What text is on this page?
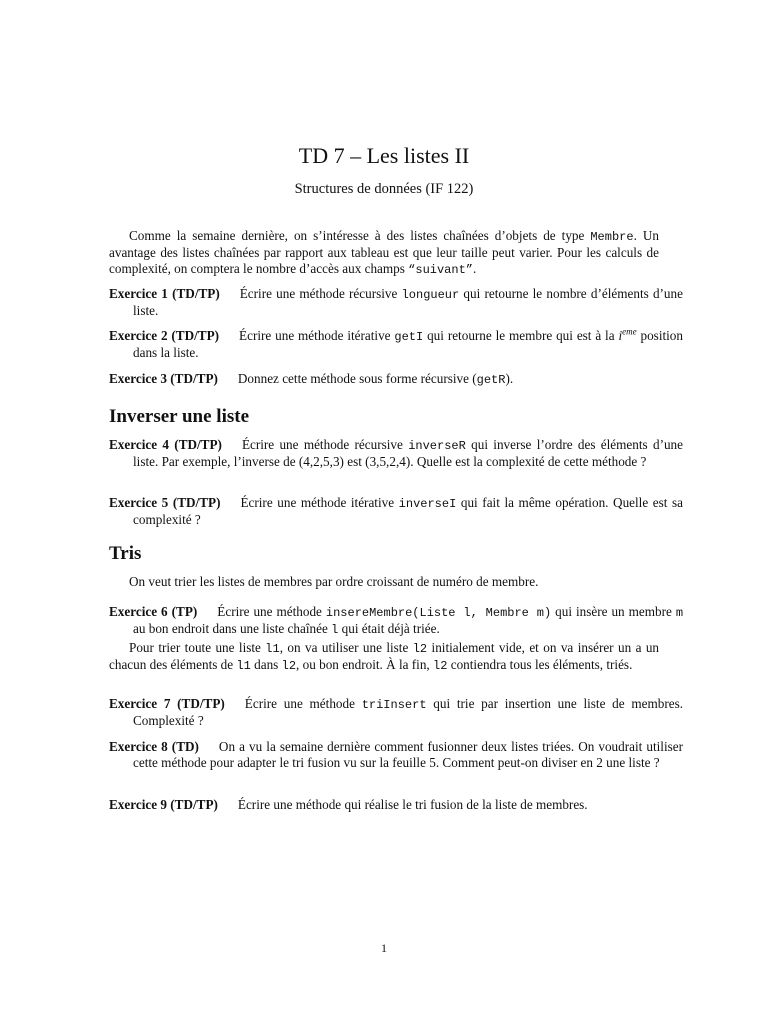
TD 7 – Les listes II
Structures de données (IF 122)
Comme la semaine dernière, on s’intéresse à des listes chaînées d’objets de type Membre. Un avantage des listes chaînées par rapport aux tableau est que leur taille peut varier. Pour les calculs de complexité, on comptera le nombre d’accès aux champs “suivant”.
Exercice 1 (TD/TP) Écrire une méthode récursive longueur qui retourne le nombre d’éléments d’une liste.
Exercice 2 (TD/TP) Écrire une méthode itérative getI qui retourne le membre qui est à la $i^{eme}$ position dans la liste.
Exercice 3 (TD/TP) Donnez cette méthode sous forme récursive (getR).
Inverser une liste
Exercice 4 (TD/TP) Écrire une méthode récursive inverseR qui inverse l’ordre des éléments d’une liste. Par exemple, l’inverse de (4,2,5,3) est (3,5,2,4). Quelle est la complexité de cette méthode ?
Exercice 5 (TD/TP) Écrire une méthode itérative inverseI qui fait la même opération. Quelle est sa complexité ?
Tris
On veut trier les listes de membres par ordre croissant de numéro de membre.
Exercice 6 (TP) Écrire une méthode insereMembre(Liste l, Membre m) qui insère un membre m au bon endroit dans une liste chaînée l qui était déjà triée.
Pour trier toute une liste l1, on va utiliser une liste l2 initialement vide, et on va insérer un a un chacun des éléments de l1 dans l2, ou bon endroit. À la fin, l2 contiendra tous les éléments, triés.
Exercice 7 (TD/TP) Écrire une méthode triInsert qui trie par insertion une liste de membres. Complexité ?
Exercice 8 (TD) On a vu la semaine dernière comment fusionner deux listes triées. On voudrait utiliser cette méthode pour adapter le tri fusion vu sur la feuille 5. Comment peut-on diviser en 2 une liste ?
Exercice 9 (TD/TP) Écrire une méthode qui réalise le tri fusion de la liste de membres.
1
